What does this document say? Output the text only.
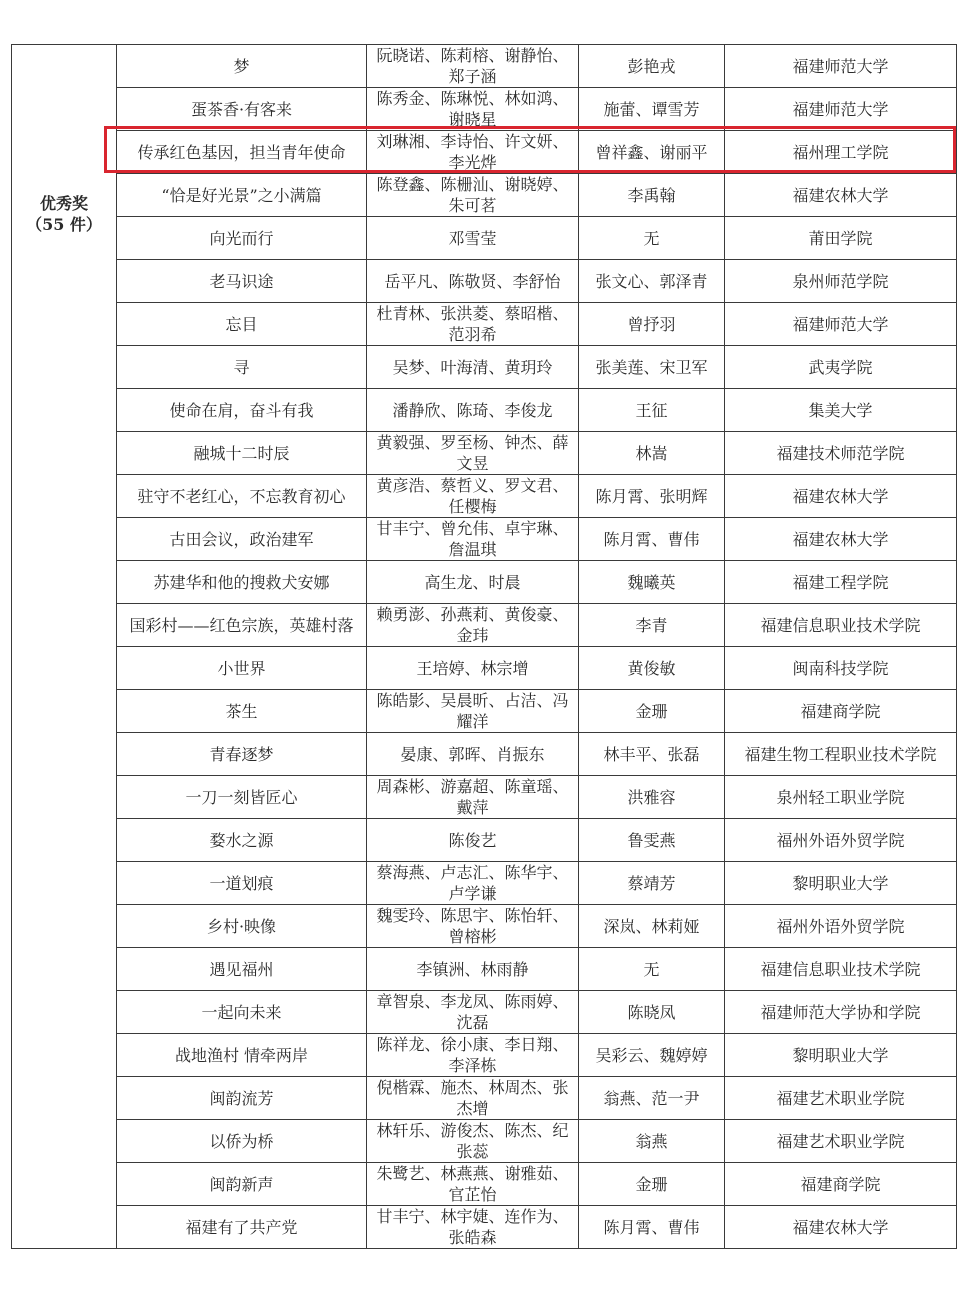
优秀奖
（55 件）	梦	阮晓诺、陈莉榕、谢静怡、郑子涵	彭艳戎	福建师范大学
	蛋茶香·有客来	陈秀金、陈琳悦、林如鸿、谢晓星	施蕾、谭雪芳	福建师范大学
	传承红色基因，担当青年使命	刘琳湘、李诗怡、许文妍、李光烨	曾祥鑫、谢丽平	福州理工学院
	“恰是好光景”之小满篇	陈登鑫、陈栅汕、谢晓婷、朱可茗	李禹翰	福建农林大学
	向光而行	邓雪莹	无	莆田学院
	老马识途	岳平凡、陈敬贤、李舒怡	张文心、郭泽青	泉州师范学院
	忘目	杜青林、张洪菱、蔡昭楷、范羽希	曾抒羽	福建师范大学
	寻	吴梦、叶海清、黄玥玲	张美莲、宋卫军	武夷学院
	使命在肩，奋斗有我	潘静欣、陈琦、李俊龙	王征	集美大学
	融城十二时辰	黄毅强、罗至杨、钟杰、薛文昱	林嵩	福建技术师范学院
	驻守不老红心，不忘教育初心	黄彦浩、蔡哲义、罗文君、任樱梅	陈月霄、张明辉	福建农林大学
	古田会议，政治建军	甘丰宁、曾允伟、卓宇琳、詹温琪	陈月霄、曹伟	福建农林大学
	苏建华和他的搜救犬安娜	高生龙、时晨	魏曦英	福建工程学院
	国彩村——红色宗族，英雄村落	赖勇澎、孙燕莉、黄俊豪、金玮	李青	福建信息职业技术学院
	小世界	王培婷、林宗增	黄俊敏	闽南科技学院
	茶生	陈皓影、吴晨昕、占洁、冯耀洋	金珊	福建商学院
	青春逐梦	晏康、郭晖、肖振东	林丰平、张磊	福建生物工程职业技术学院
	一刀一刻皆匠心	周森彬、游嘉超、陈童瑶、戴萍	洪雅容	泉州轻工职业学院
	婺水之源	陈俊艺	鲁雯燕	福州外语外贸学院
	一道划痕	蔡海燕、卢志汇、陈华宇、卢学谦	蔡靖芳	黎明职业大学
	乡村·映像	魏雯玲、陈思宇、陈怡轩、曾榕彬	深岚、林莉娅	福州外语外贸学院
	遇见福州	李镇洲、林雨静	无	福建信息职业技术学院
	一起向未来	章智泉、李龙凤、陈雨婷、沈磊	陈晓凤	福建师范大学协和学院
	战地渔村 情牵两岸	陈祥龙、徐小康、李日翔、李泽栋	吴彩云、魏婷婷	黎明职业大学
	闽韵流芳	倪楷霖、施杰、林周杰、张杰增	翁燕、范一尹	福建艺术职业学院
	以侨为桥	林轩乐、游俊杰、陈杰、纪张蕊	翁燕	福建艺术职业学院
	闽韵新声	朱鹭艺、林燕燕、谢雅茹、官芷怡	金珊	福建商学院
	福建有了共产党	甘丰宁、林宇婕、连作为、张皓森	陈月霄、曹伟	福建农林大学
